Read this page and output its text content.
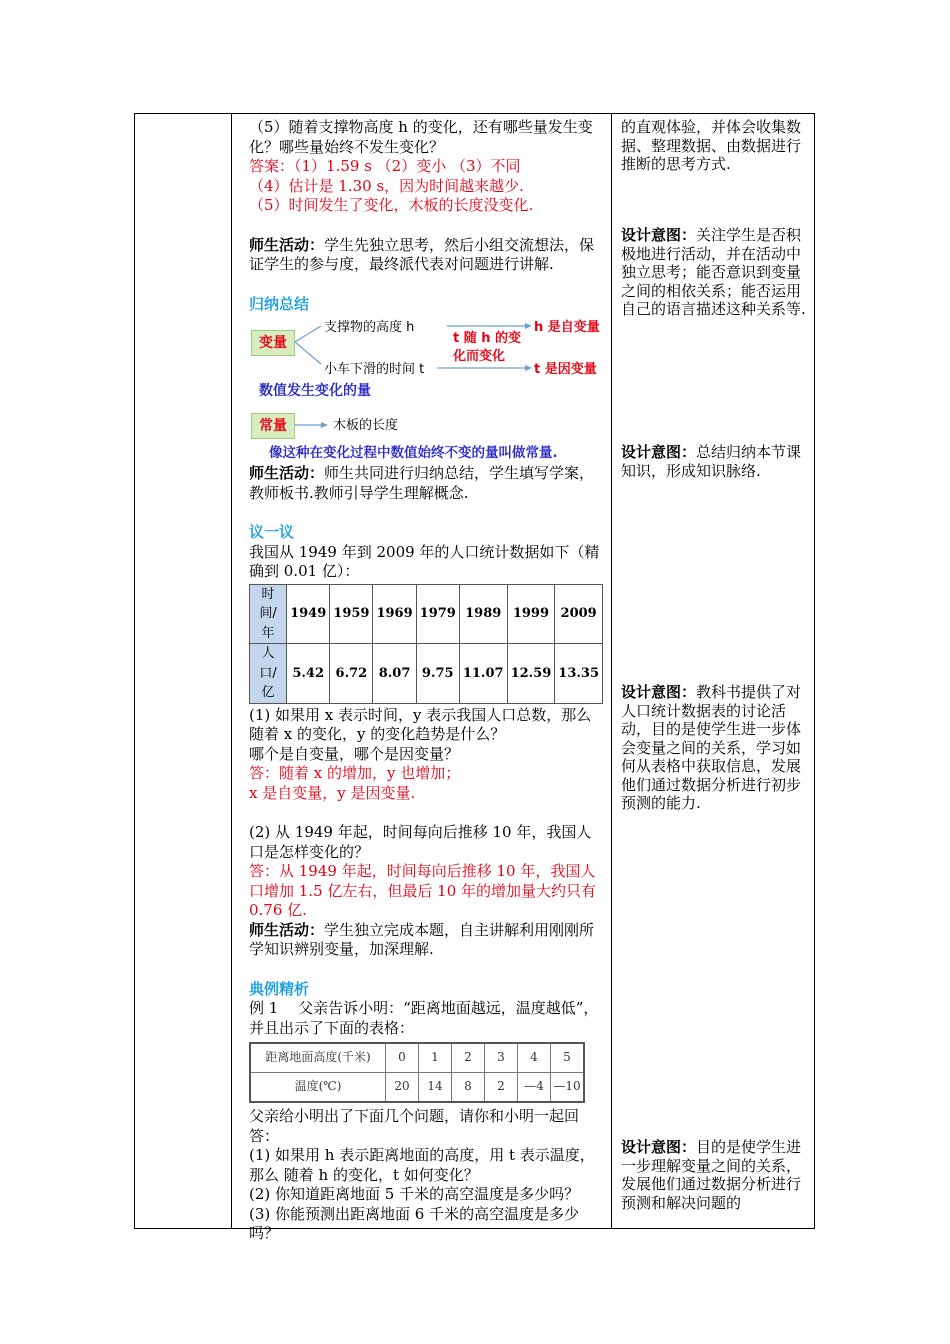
（5）随着支撑物高度 h 的变化，还有哪些量发生变化？哪些量始终不发生变化？

答案：（1）1.59 s （2）变小 （3）不同

（4）估计是 1.30 s，因为时间越来越少.

（5）时间发生了变化，木板的长度没变化.

师生活动：学生先独立思考，然后小组交流想法，保证学生的参与度，最终派代表对问题进行讲解.

归纳总结

变量
支撑物的高度 h
小车下滑的时间 t
t 随 h 的变
化而变化
h 是自变量
t 是因变量
数值发生变化的量
常量	木板的长度
像这种在变化过程中数值始终不变的量叫做常量.

师生活动：师生共同进行归纳总结，学生填写学案，教师板书.教师引导学生理解概念.

议一议

我国从 1949 年到 2009 年的人口统计数据如下（精确到 0.01 亿）：

时间/年	1949	1959	1969	1979	1989	1999	2009
人口/亿	5.42	6.72	8.07	9.75	11.07	12.59	13.35

(1) 如果用 x 表示时间，y 表示我国人口总数，那么随着 x 的变化，y 的变化趋势是什么？

哪个是自变量，哪个是因变量？

答：随着 x 的增加，y 也增加；

x 是自变量，y 是因变量.

(2) 从 1949 年起，时间每向后推移 10 年，我国人口是怎样变化的？

答：从 1949 年起，时间每向后推移 10 年，我国人口增加 1.5 亿左右，但最后 10 年的增加量大约只有 0.76 亿.

师生活动：学生独立完成本题，自主讲解利用刚刚所学知识辨别变量，加深理解.

典例精析

例 1　 父亲告诉小明：“距离地面越远，温度越低”，并且出示了下面的表格：

距离地面高度(千米)	0	1	2	3	4	5
温度(℃)	20	14	8	2	—4	—10

父亲给小明出了下面几个问题，请你和小明一起回答：

(1) 如果用 h 表示距离地面的高度，用 t 表示温度，那么 随着 h 的变化，t 如何变化？

(2) 你知道距离地面 5 千米的高空温度是多少吗？

(3) 你能预测出距离地面 6 千米的高空温度是多少吗？

的直观体验，并体会收集数据、整理数据、由数据进行推断的思考方式.

设计意图：关注学生是否积极地进行活动，并在活动中独立思考；能否意识到变量之间的相依关系；能否运用自己的语言描述这种关系等.

设计意图：总结归纳本节课知识，形成知识脉络.

设计意图：教科书提供了对人口统计数据表的讨论活动，目的是使学生进一步体会变量之间的关系，学习如何从表格中获取信息，发展他们通过数据分析进行初步预测的能力.

设计意图：目的是使学生进一步理解变量之间的关系，发展他们通过数据分析进行预测和解决问题的
